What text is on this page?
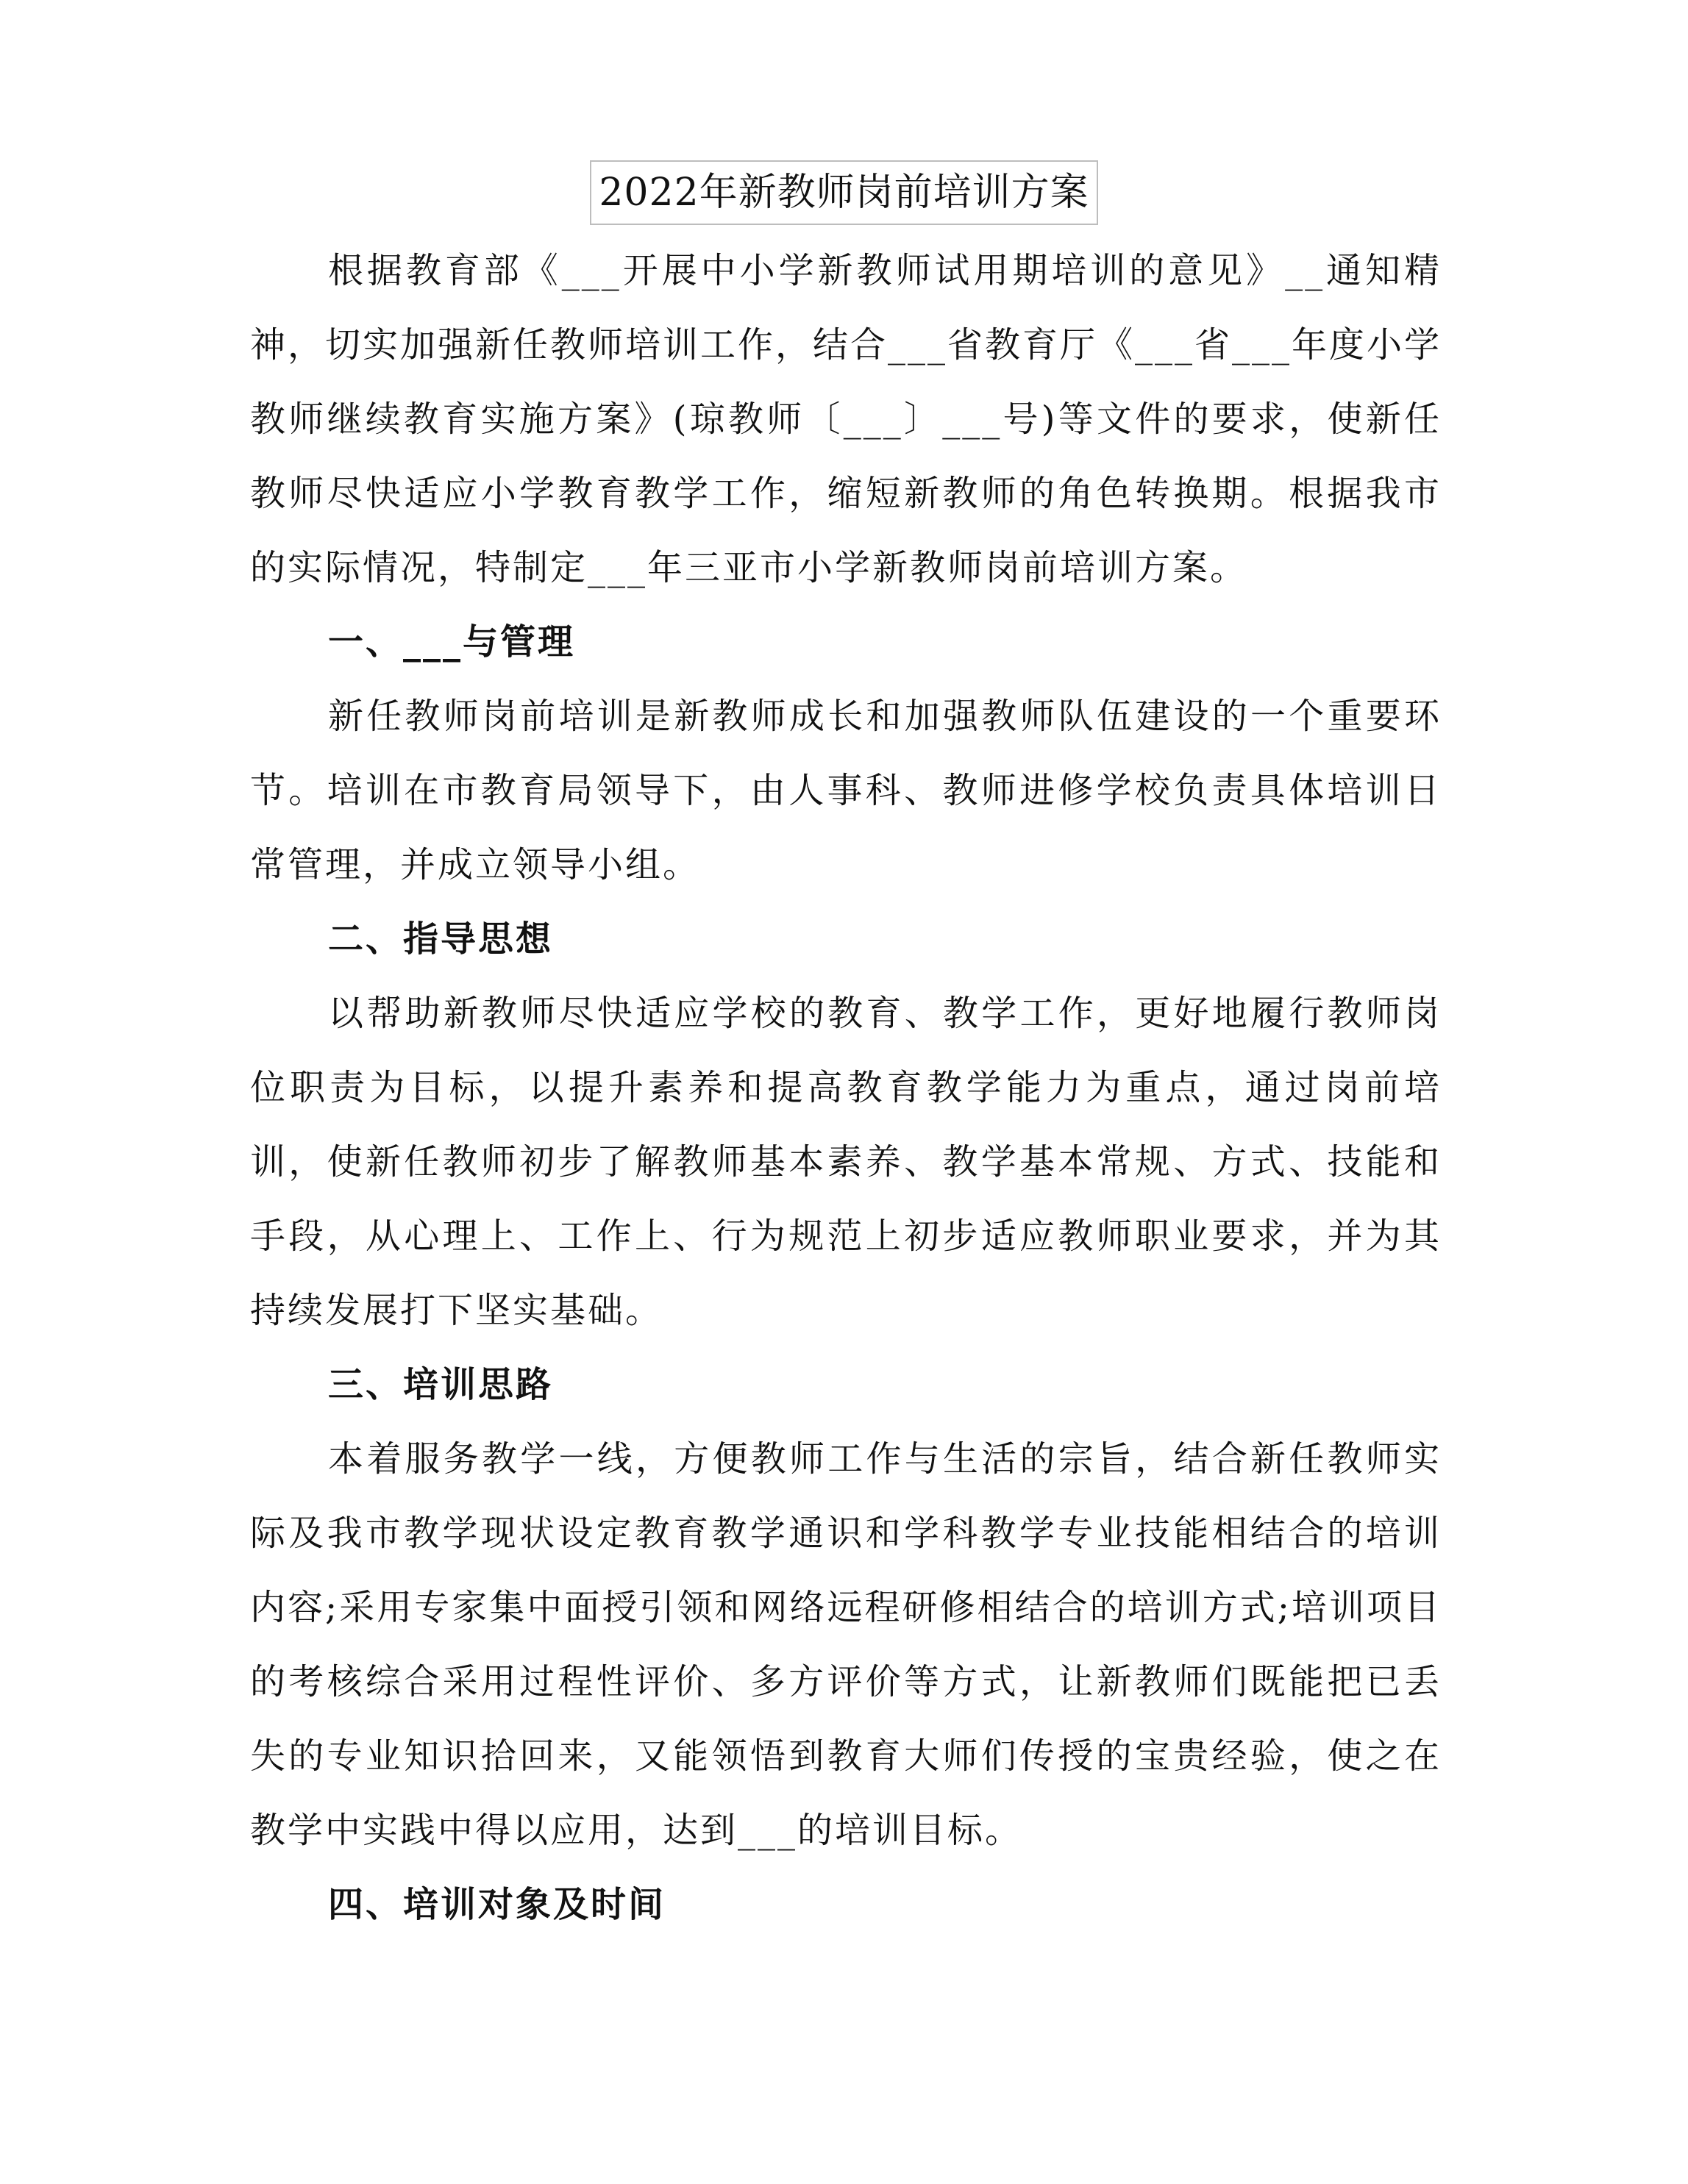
2022年新教师岗前培训方案

根据教育部《___开展中小学新教师试用期培训的意见》__通知精神，切实加强新任教师培训工作，结合___省教育厅《___省___年度小学教师继续教育实施方案》(琼教师〔___〕___号)等文件的要求，使新任教师尽快适应小学教育教学工作，缩短新教师的角色转换期。根据我市的实际情况，特制定___年三亚市小学新教师岗前培训方案。

一、___与管理

新任教师岗前培训是新教师成长和加强教师队伍建设的一个重要环节。培训在市教育局领导下，由人事科、教师进修学校负责具体培训日常管理，并成立领导小组。

二、指导思想

以帮助新教师尽快适应学校的教育、教学工作，更好地履行教师岗位职责为目标，以提升素养和提高教育教学能力为重点，通过岗前培训，使新任教师初步了解教师基本素养、教学基本常规、方式、技能和手段，从心理上、工作上、行为规范上初步适应教师职业要求，并为其持续发展打下坚实基础。

三、培训思路

本着服务教学一线，方便教师工作与生活的宗旨，结合新任教师实际及我市教学现状设定教育教学通识和学科教学专业技能相结合的培训内容;采用专家集中面授引领和网络远程研修相结合的培训方式;培训项目的考核综合采用过程性评价、多方评价等方式，让新教师们既能把已丢失的专业知识拾回来，又能领悟到教育大师们传授的宝贵经验，使之在教学中实践中得以应用，达到___的培训目标。

四、培训对象及时间
